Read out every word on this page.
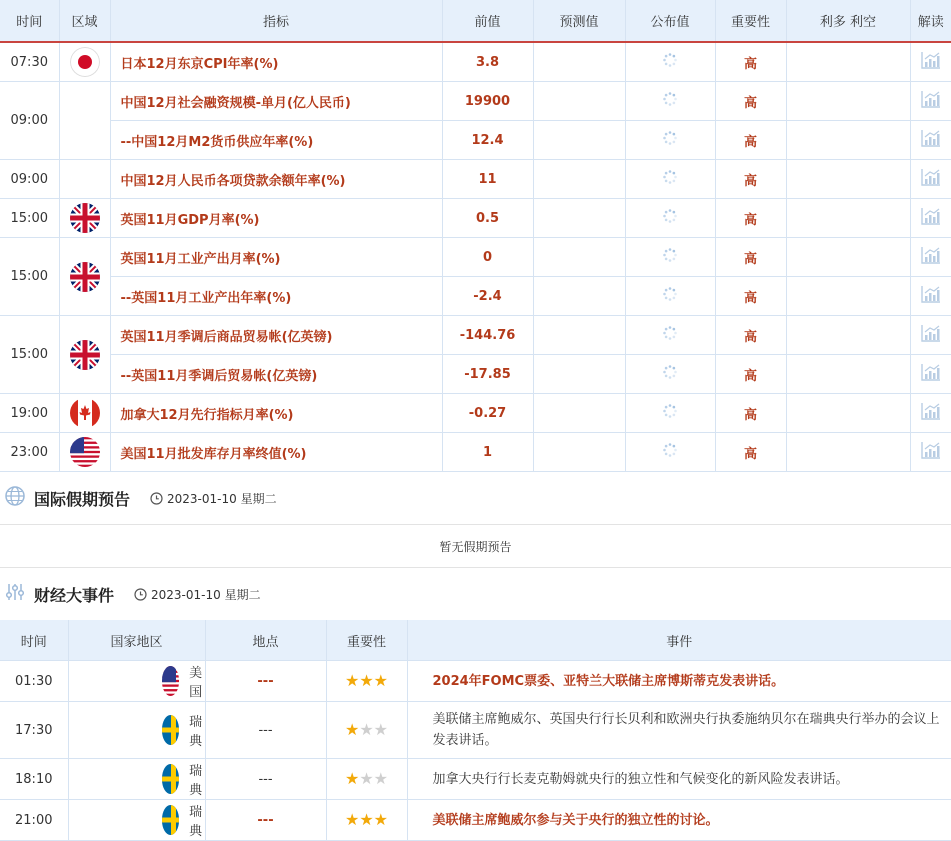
时间	区域	指标	前值	预测值	公布值	重要性	利多 利空	解读
07:30		日本12月东京CPI年率(%)	3.8			高		
09:00		中国12月社会融资规模-单月(亿人民币)	19900			高		
		--中国12月M2货币供应年率(%)	12.4			高		
09:00		中国12月人民币各项贷款余额年率(%)	11			高		
15:00		英国11月GDP月率(%)	0.5			高		
15:00		英国11月工业产出月率(%)	0			高		
		--英国11月工业产出年率(%)	-2.4			高		
15:00		英国11月季调后商品贸易帐(亿英镑)	-144.76			高		
		--英国11月季调后贸易帐(亿英镑)	-17.85			高		
19:00		加拿大12月先行指标月率(%)	-0.27			高		
23:00		美国11月批发库存月率终值(%)	1			高		
国际假期预告	2023-01-10 星期二
暂无假期预告
财经大事件	2023-01-10 星期二
时间	国家地区	地点	重要性	事件
01:30	美国	---	★★★	2024年FOMC票委、亚特兰大联储主席博斯蒂克发表讲话。
17:30	瑞典	---	★★★	美联储主席鲍威尔、英国央行行长贝利和欧洲央行执委施纳贝尔在瑞典央行举办的会议上发表讲话。
18:10	瑞典	---	★★★	加拿大央行行长麦克勒姆就央行的独立性和气候变化的新风险发表讲话。
21:00	瑞典	---	★★★	美联储主席鲍威尔参与关于央行的独立性的讨论。
